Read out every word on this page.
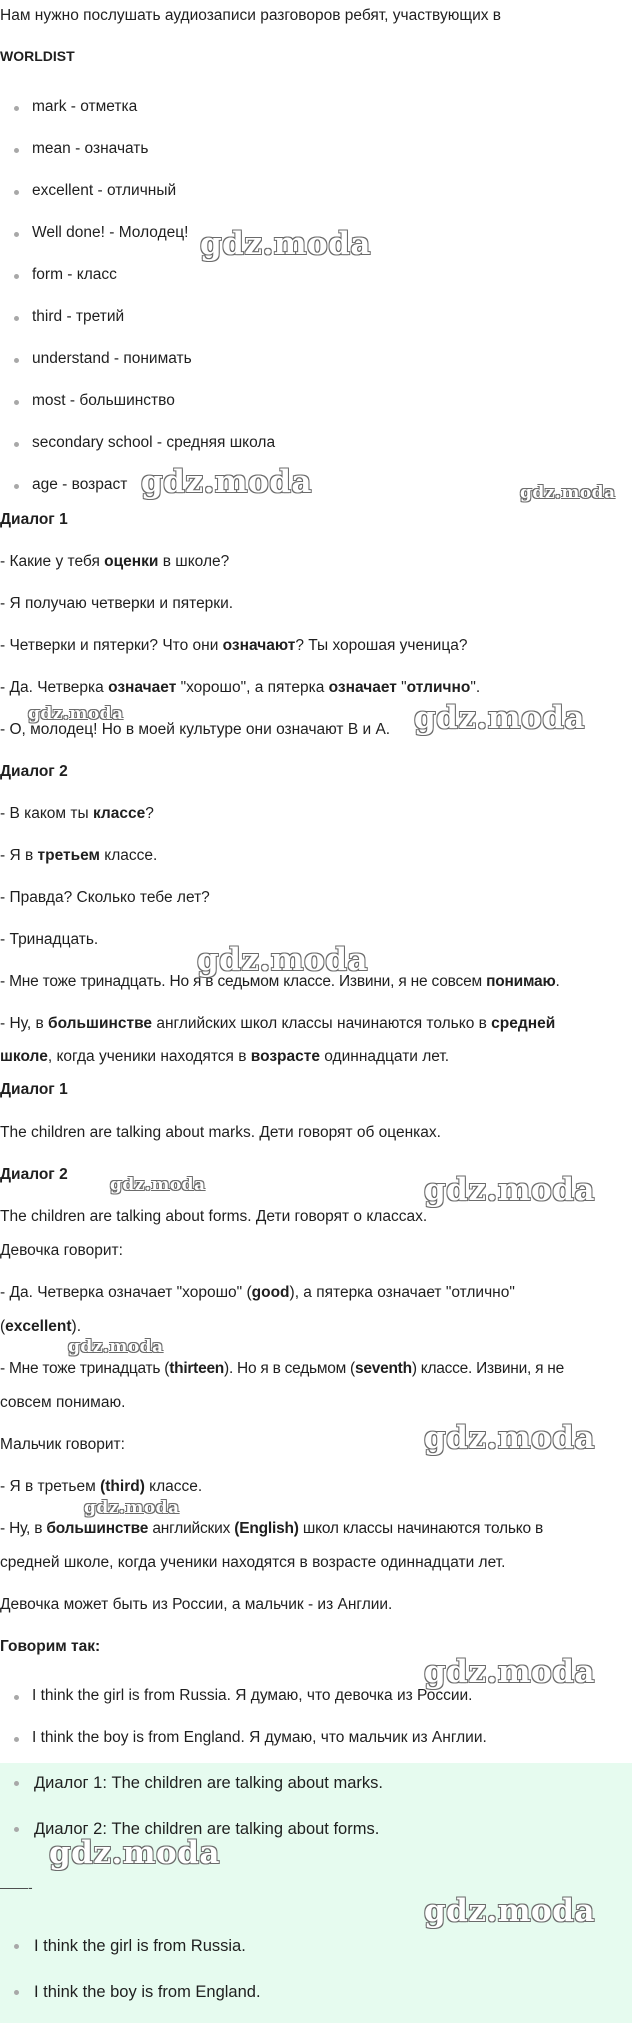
Нам нужно послушать аудиозаписи разговоров ребят, участвующих в

WORLDIST

mark - отметка
mean - означать
excellent - отличный
Well done! - Молодец!
form - класс
third - третий
understand - понимать
most - большинство
secondary school - средняя школа
age - возраст

Диалог 1

- Какие у тебя оценки в школе?

- Я получаю четверки и пятерки.

- Четверки и пятерки? Что они означают? Ты хорошая ученица?

- Да. Четверка означает "хорошо", а пятерка означает "отлично".

- О, молодец! Но в моей культуре они означают B и A.

Диалог 2

- В каком ты классе?

- Я в третьем классе.

- Правда? Сколько тебе лет?

- Тринадцать.

- Мне тоже тринадцать. Но я в седьмом классе. Извини, я не совсем понимаю.

- Ну, в большинстве английских школ классы начинаются только в средней

школе, когда ученики находятся в возрасте одиннадцати лет.

Диалог 1

The children are talking about marks. Дети говорят об оценках.

Диалог 2

The children are talking about forms. Дети говорят о классах.

Девочка говорит:

- Да. Четверка означает "хорошо" (good), а пятерка означает "отлично"

(excellent).

- Мне тоже тринадцать (thirteen). Но я в седьмом (seventh) классе. Извини, я не

совсем понимаю.

Мальчик говорит:

- Я в третьем (third) классе.

- Ну, в большинстве английских (English) школ классы начинаются только в

средней школе, когда ученики находятся в возрасте одиннадцати лет.

Девочка может быть из России, а мальчик - из Англии.

Говорим так:

I think the girl is from Russia. Я думаю, что девочка из России.
I think the boy is from England. Я думаю, что мальчик из Англии.
Диалог 1: The children are talking about marks.
Диалог 2: The children are talking about forms.
——-
I think the girl is from Russia.
I think the boy is from England.
gdz.moda
gdz.moda	gdz.moda
gdz.moda	gdz.moda
gdz.moda
gdz.moda	gdz.moda
gdz.moda
gdz.moda
gdz.moda
gdz.moda
gdz.moda
gdz.moda
